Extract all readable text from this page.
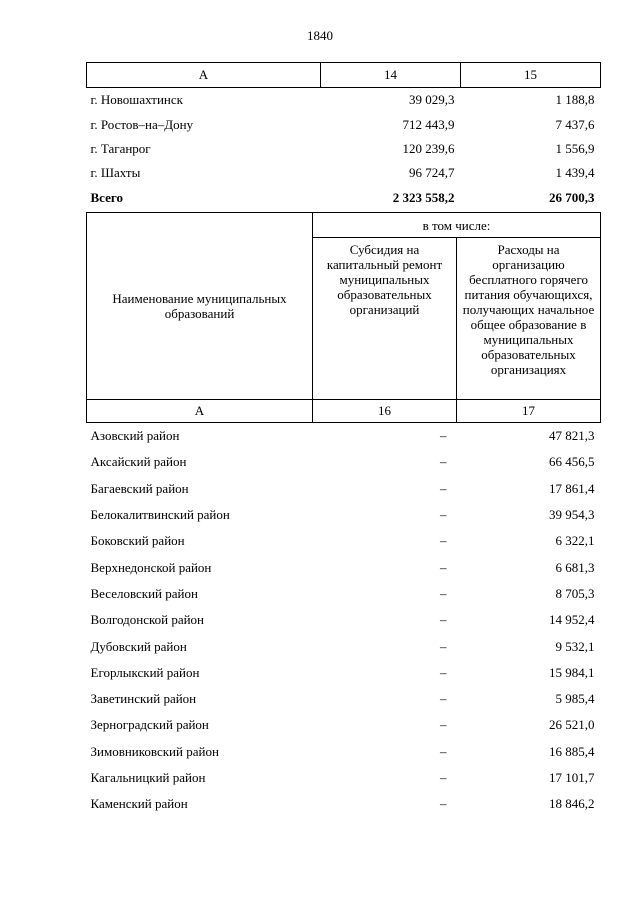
1840
А	14	15
г. Новошахтинск	39 029,3	1 188,8
г. Ростов–на–Дону	712 443,9	7 437,6
г. Таганрог	120 239,6	1 556,9
г. Шахты	96 724,7	1 439,4
Всего	2 323 558,2	26 700,3
Наименование муниципальных образований	в том числе:	
	Субсидия на капитальный ремонт муниципальных образовательных организаций	Расходы на организацию бесплатного горячего питания обучающихся, получающих начальное общее образование в муниципальных образовательных организациях
А	16	17
Азовский район	–	47 821,3
Аксайский район	–	66 456,5
Багаевский район	–	17 861,4
Белокалитвинский район	–	39 954,3
Боковский район	–	6 322,1
Верхнедонской район	–	6 681,3
Веселовский район	–	8 705,3
Волгодонской район	–	14 952,4
Дубовский район	–	9 532,1
Егорлыкский район	–	15 984,1
Заветинский район	–	5 985,4
Зерноградский район	–	26 521,0
Зимовниковский район	–	16 885,4
Кагальницкий район	–	17 101,7
Каменский район	–	18 846,2
